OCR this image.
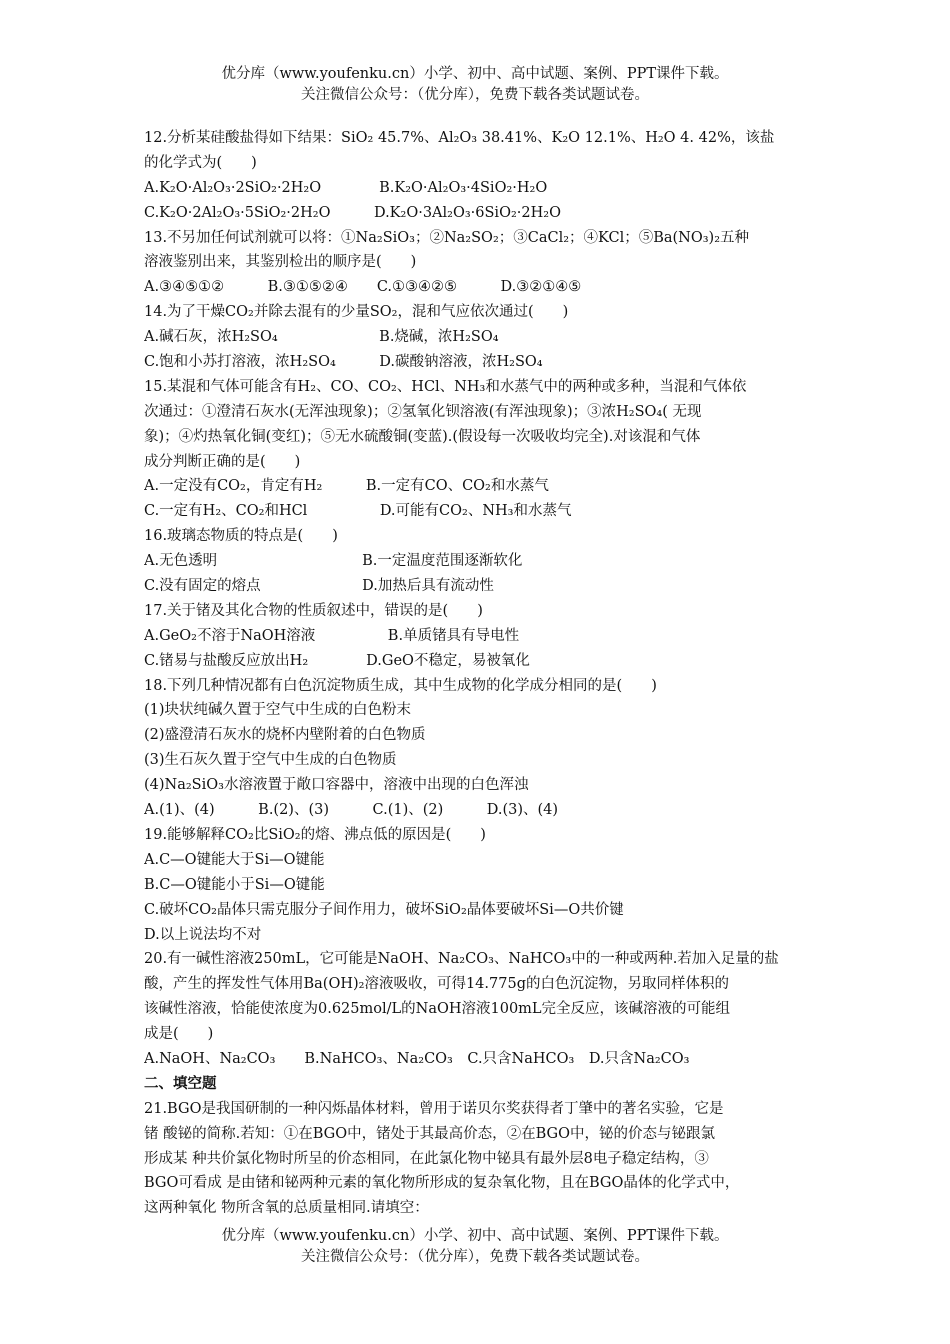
优分库（www.youfenku.cn）小学、初中、高中试题、案例、PPT课件下载。
关注微信公众号：（优分库），免费下载各类试题试卷。
12.分析某硅酸盐得如下结果：SiO₂ 45.7%、Al₂O₃ 38.41%、K₂O 12.1%、H₂O 4. 42%，该盐
的化学式为(　　)
A.K₂O·Al₂O₃·2SiO₂·2H₂O　　　　B.K₂O·Al₂O₃·4SiO₂·H₂O
C.K₂O·2Al₂O₃·5SiO₂·2H₂O　　　D.K₂O·3Al₂O₃·6SiO₂·2H₂O
13.不另加任何试剂就可以将：①Na₂SiO₃；②Na₂SO₂；③CaCl₂；④KCl；⑤Ba(NO₃)₂五种
溶液鉴别出来，其鉴别检出的顺序是(　　)
A.③④⑤①②　　　B.③①⑤②④　　C.①③④②⑤　　　D.③②①④⑤
14.为了干燥CO₂并除去混有的少量SO₂，混和气应依次通过(　　)
A.碱石灰，浓H₂SO₄　　　　　　　B.烧碱，浓H₂SO₄
C.饱和小苏打溶液，浓H₂SO₄　　　D.碳酸钠溶液，浓H₂SO₄
15.某混和气体可能含有H₂、CO、CO₂、HCl、NH₃和水蒸气中的两种或多种，当混和气体依
次通过：①澄清石灰水(无浑浊现象)；②氢氧化钡溶液(有浑浊现象)；③浓H₂SO₄( 无现
象)；④灼热氧化铜(变红)；⑤无水硫酸铜(变蓝).(假设每一次吸收均完全).对该混和气体
成分判断正确的是(　　)
A.一定没有CO₂，肯定有H₂　　　B.一定有CO、CO₂和水蒸气
C.一定有H₂、CO₂和HCl　　　　　D.可能有CO₂、NH₃和水蒸气
16.玻璃态物质的特点是(　　)
A.无色透明　　　　　　　　　　B.一定温度范围逐渐软化
C.没有固定的熔点　　　　　　　D.加热后具有流动性
17.关于锗及其化合物的性质叙述中，错误的是(　　)
A.GeO₂不溶于NaOH溶液　　　　　B.单质锗具有导电性
C.锗易与盐酸反应放出H₂　　　　D.GeO不稳定，易被氧化
18.下列几种情况都有白色沉淀物质生成，其中生成物的化学成分相同的是(　　)
(1)块状纯碱久置于空气中生成的白色粉末
(2)盛澄清石灰水的烧杯内壁附着的白色物质
(3)生石灰久置于空气中生成的白色物质
(4)Na₂SiO₃水溶液置于敞口容器中，溶液中出现的白色浑浊
A.(1)、(4)　　　B.(2)、(3)　　　C.(1)、(2)　　　D.(3)、(4)
19.能够解释CO₂比SiO₂的熔、沸点低的原因是(　　)
A.C—O键能大于Si—O键能
B.C—O键能小于Si—O键能
C.破坏CO₂晶体只需克服分子间作用力，破坏SiO₂晶体要破坏Si—O共价键
D.以上说法均不对
20.有一碱性溶液250mL，它可能是NaOH、Na₂CO₃、NaHCO₃中的一种或两种.若加入足量的盐
酸，产生的挥发性气体用Ba(OH)₂溶液吸收，可得14.775g的白色沉淀物，另取同样体积的
该碱性溶液，恰能使浓度为0.625mol/L的NaOH溶液100mL完全反应，该碱溶液的可能组
成是(　　)
A.NaOH、Na₂CO₃　　B.NaHCO₃、Na₂CO₃　C.只含NaHCO₃　D.只含Na₂CO₃
二、填空题
21.BGO是我国研制的一种闪烁晶体材料，曾用于诺贝尔奖获得者丁肇中的著名实验，它是
锗 酸铋的简称.若知：①在BGO中，锗处于其最高价态，②在BGO中，铋的价态与铋跟氯
形成某 种共价氯化物时所呈的价态相同，在此氯化物中铋具有最外层8电子稳定结构，③
BGO可看成 是由锗和铋两种元素的氧化物所形成的复杂氧化物，且在BGO晶体的化学式中，
这两种氧化 物所含氧的总质量相同.请填空：
优分库（www.youfenku.cn）小学、初中、高中试题、案例、PPT课件下载。
关注微信公众号：（优分库），免费下载各类试题试卷。
